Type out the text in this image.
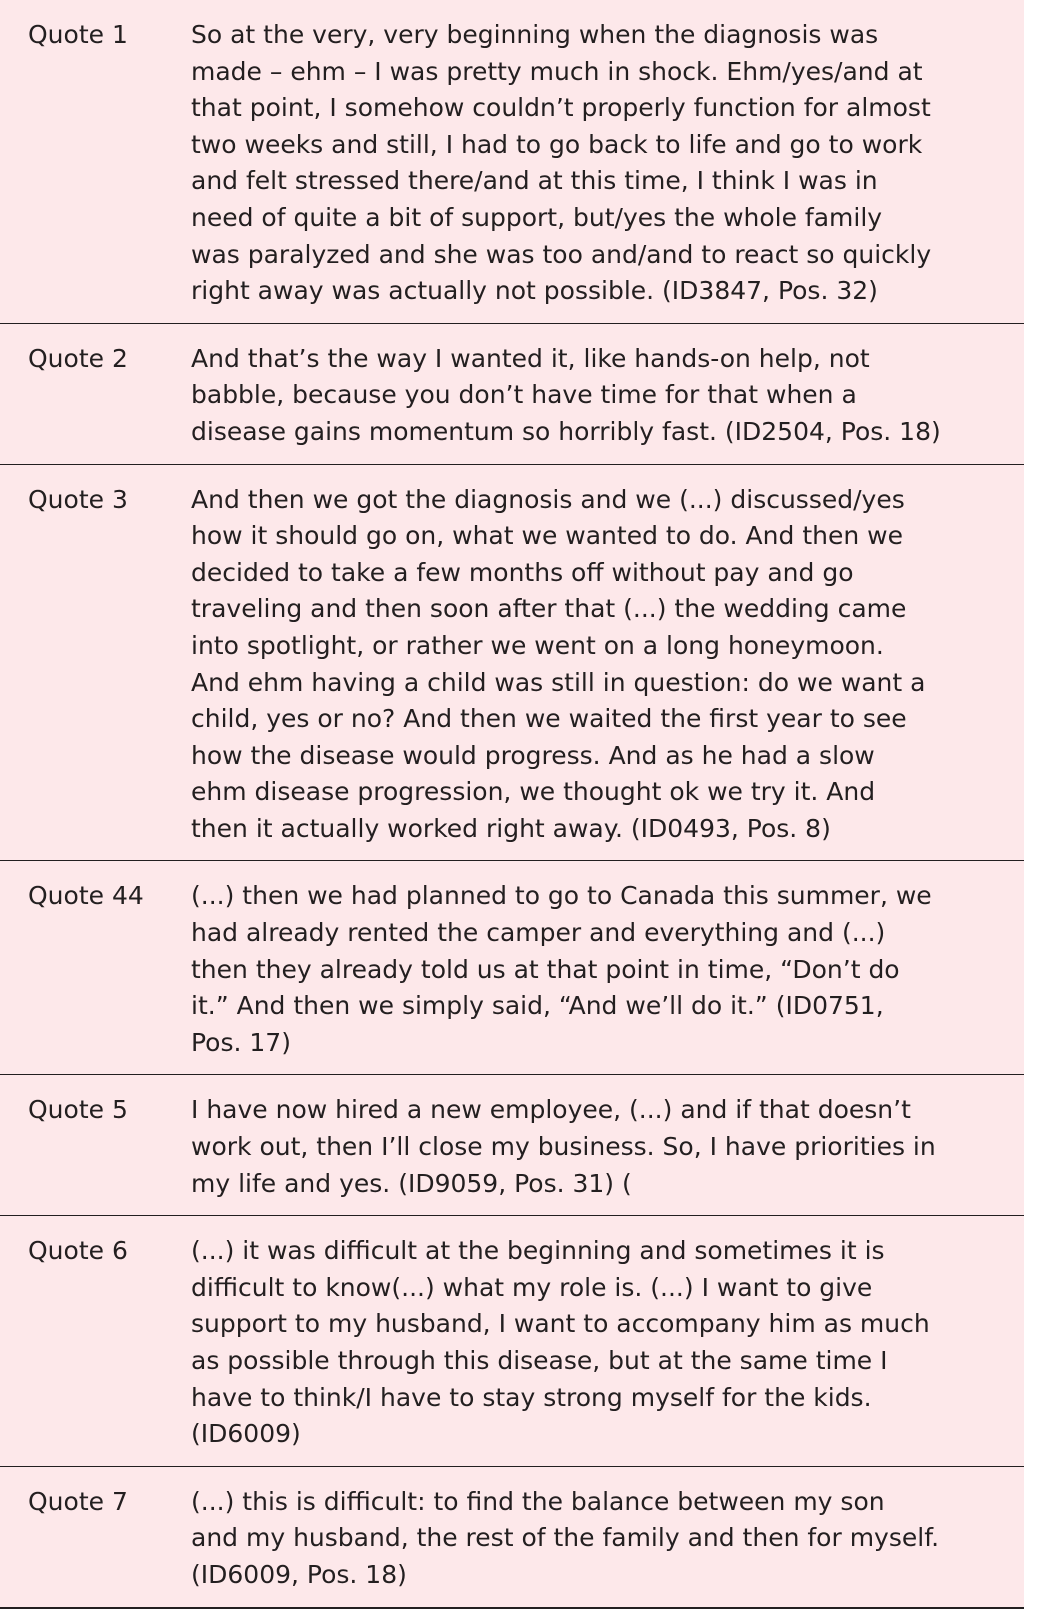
Quote 1	So at the very, very beginning when the diagnosis was
made – ehm – I was pretty much in shock. Ehm/yes/and at
that point, I somehow couldn’t properly function for almost
two weeks and still, I had to go back to life and go to work
and felt stressed there/and at this time, I think I was in
need of quite a bit of support, but/yes the whole family
was paralyzed and she was too and/and to react so quickly
right away was actually not possible. (ID3847, Pos. 32)
Quote 2	And that’s the way I wanted it, like hands-on help, not
babble, because you don’t have time for that when a
disease gains momentum so horribly fast. (ID2504, Pos. 18)
Quote 3	And then we got the diagnosis and we (...) discussed/yes
how it should go on, what we wanted to do. And then we
decided to take a few months off without pay and go
traveling and then soon after that (...) the wedding came
into spotlight, or rather we went on a long honeymoon.
And ehm having a child was still in question: do we want a
child, yes or no? And then we waited the first year to see
how the disease would progress. And as he had a slow
ehm disease progression, we thought ok we try it. And
then it actually worked right away. (ID0493, Pos. 8)
Quote 44	(...) then we had planned to go to Canada this summer, we
had already rented the camper and everything and (...)
then they already told us at that point in time, “Don’t do
it.” And then we simply said, “And we’ll do it.” (ID0751,
Pos. 17)
Quote 5	I have now hired a new employee, (...) and if that doesn’t
work out, then I’ll close my business. So, I have priorities in
my life and yes. (ID9059, Pos. 31) (
Quote 6	(...) it was difficult at the beginning and sometimes it is
difficult to know(...) what my role is. (...) I want to give
support to my husband, I want to accompany him as much
as possible through this disease, but at the same time I
have to think/I have to stay strong myself for the kids.
(ID6009)
Quote 7	(...) this is difficult: to find the balance between my son
and my husband, the rest of the family and then for myself.
(ID6009, Pos. 18)
